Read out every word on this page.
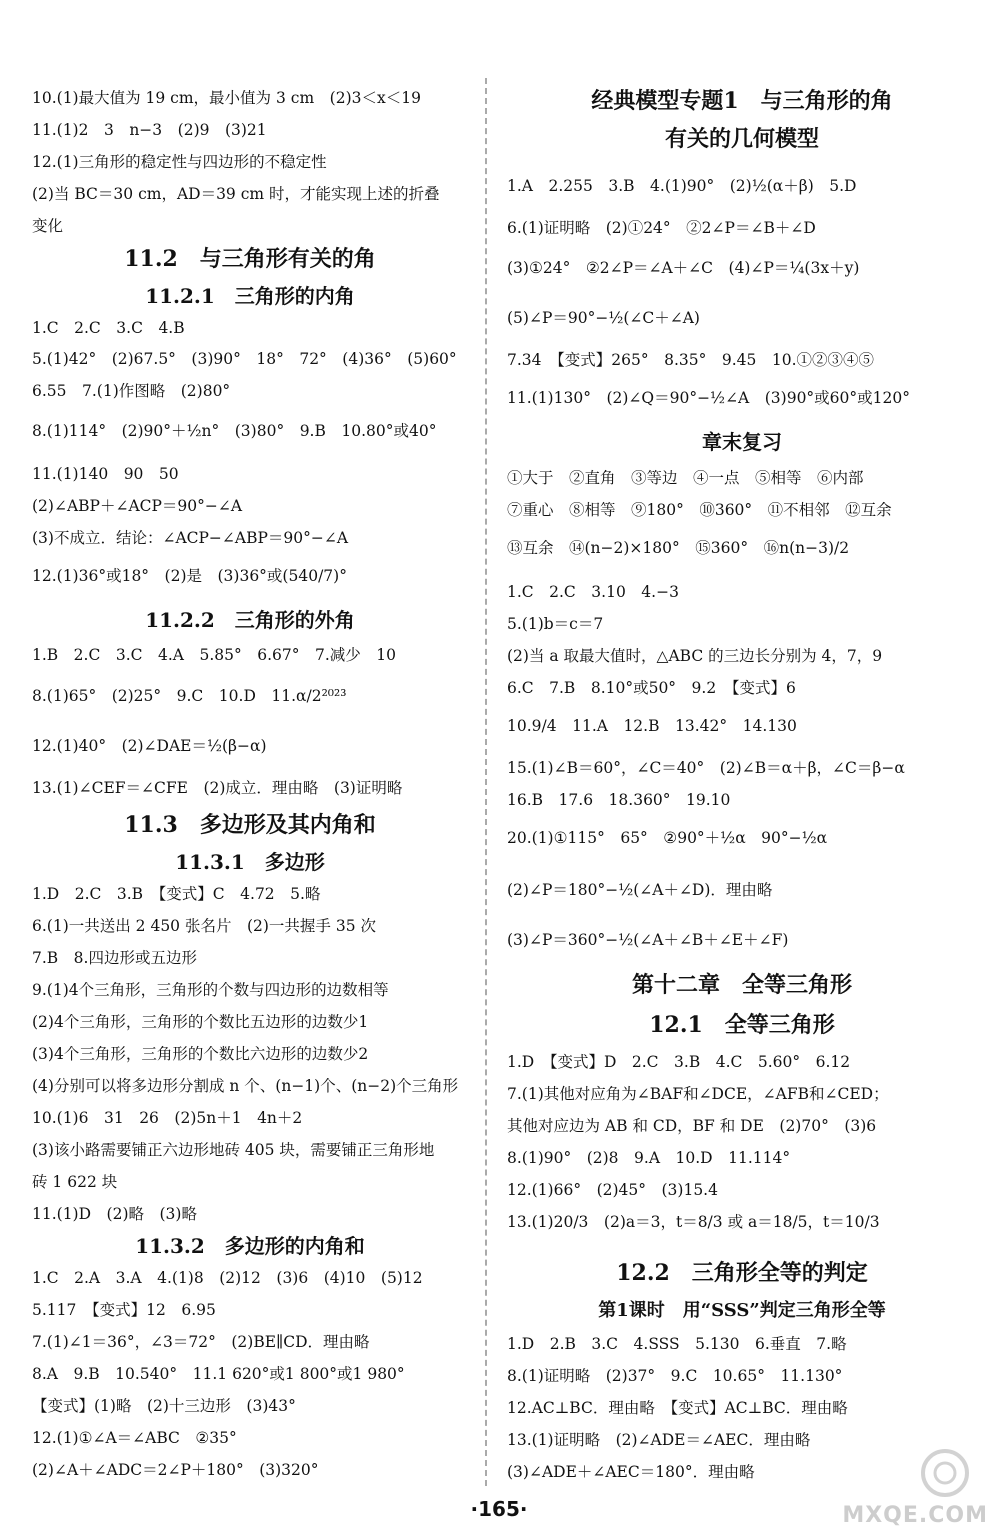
10.(1)最大值为 19 cm，最小值为 3 cm　(2)3＜x＜19
11.(1)2　3　n−3　(2)9　(3)21
12.(1)三角形的稳定性与四边形的不稳定性
(2)当 BC＝30 cm，AD＝39 cm 时，才能实现上述的折叠
变化
11.2　与三角形有关的角
11.2.1　三角形的内角
1.C　2.C　3.C　4.B
5.(1)42°　(2)67.5°　(3)90°　18°　72°　(4)36°　(5)60°
6.55　7.(1)作图略　(2)80°
8.(1)114°　(2)90°＋½n°　(3)80°　9.B　10.80°或40°
11.(1)140　90　50
(2)∠ABP＋∠ACP＝90°−∠A
(3)不成立．结论：∠ACP−∠ABP＝90°−∠A
12.(1)36°或18°　(2)是　(3)36°或(540/7)°
11.2.2　三角形的外角
1.B　2.C　3.C　4.A　5.85°　6.67°　7.减少　10
8.(1)65°　(2)25°　9.C　10.D　11.α/2²⁰²³
12.(1)40°　(2)∠DAE＝½(β−α)
13.(1)∠CEF＝∠CFE　(2)成立．理由略　(3)证明略
11.3　多边形及其内角和
11.3.1　多边形
1.D　2.C　3.B　【变式】C　4.72　5.略
6.(1)一共送出 2 450 张名片　(2)一共握手 35 次
7.B　8.四边形或五边形
9.(1)4个三角形，三角形的个数与四边形的边数相等
(2)4个三角形，三角形的个数比五边形的边数少1
(3)4个三角形，三角形的个数比六边形的边数少2
(4)分别可以将多边形分割成 n 个、(n−1)个、(n−2)个三角形
10.(1)6　31　26　(2)5n＋1　4n＋2
(3)该小路需要铺正六边形地砖 405 块，需要铺正三角形地
砖 1 622 块
11.(1)D　(2)略　(3)略
11.3.2　多边形的内角和
1.C　2.A　3.A　4.(1)8　(2)12　(3)6　(4)10　(5)12
5.117　【变式】12　6.95
7.(1)∠1＝36°，∠3＝72°　(2)BE∥CD．理由略
8.A　9.B　10.540°　11.1 620°或1 800°或1 980°
【变式】(1)略　(2)十三边形　(3)43°
12.(1)①∠A＝∠ABC　②35°
(2)∠A＋∠ADC＝2∠P＋180°　(3)320°
经典模型专题1　与三角形的角
有关的几何模型
1.A　2.255　3.B　4.(1)90°　(2)½(α＋β)　5.D
6.(1)证明略　(2)①24°　②2∠P＝∠B＋∠D
(3)①24°　②2∠P＝∠A＋∠C　(4)∠P＝¼(3x＋y)
(5)∠P＝90°−½(∠C＋∠A)
7.34　【变式】265°　8.35°　9.45　10.①②③④⑤
11.(1)130°　(2)∠Q＝90°−½∠A　(3)90°或60°或120°
章末复习
①大于　②直角　③等边　④一点　⑤相等　⑥内部
⑦重心　⑧相等　⑨180°　⑩360°　⑪不相邻　⑫互余
⑬互余　⑭(n−2)×180°　⑮360°　⑯n(n−3)/2
1.C　2.C　3.10　4.−3
5.(1)b＝c＝7
(2)当 a 取最大值时，△ABC 的三边长分别为 4，7，9
6.C　7.B　8.10°或50°　9.2　【变式】6
10.9/4　11.A　12.B　13.42°　14.130
15.(1)∠B＝60°，∠C＝40°　(2)∠B＝α＋β，∠C＝β−α
16.B　17.6　18.360°　19.10
20.(1)①115°　65°　②90°＋½α　90°−½α
(2)∠P＝180°−½(∠A＋∠D)．理由略
(3)∠P＝360°−½(∠A＋∠B＋∠E＋∠F)
第十二章　全等三角形
12.1　全等三角形
1.D　【变式】D　2.C　3.B　4.C　5.60°　6.12
7.(1)其他对应角为∠BAF和∠DCE，∠AFB和∠CED；
其他对应边为 AB 和 CD，BF 和 DE　(2)70°　(3)6
8.(1)90°　(2)8　9.A　10.D　11.114°
12.(1)66°　(2)45°　(3)15.4
13.(1)20/3　(2)a＝3，t＝8/3 或 a＝18/5，t＝10/3
12.2　三角形全等的判定
第1课时　用“SSS”判定三角形全等
1.D　2.B　3.C　4.SSS　5.130　6.垂直　7.略
8.(1)证明略　(2)37°　9.C　10.65°　11.130°
12.AC⊥BC．理由略　【变式】AC⊥BC．理由略
13.(1)证明略　(2)∠ADE＝∠AEC．理由略
(3)∠ADE＋∠AEC＝180°．理由略
·165·	MXQE.COM
